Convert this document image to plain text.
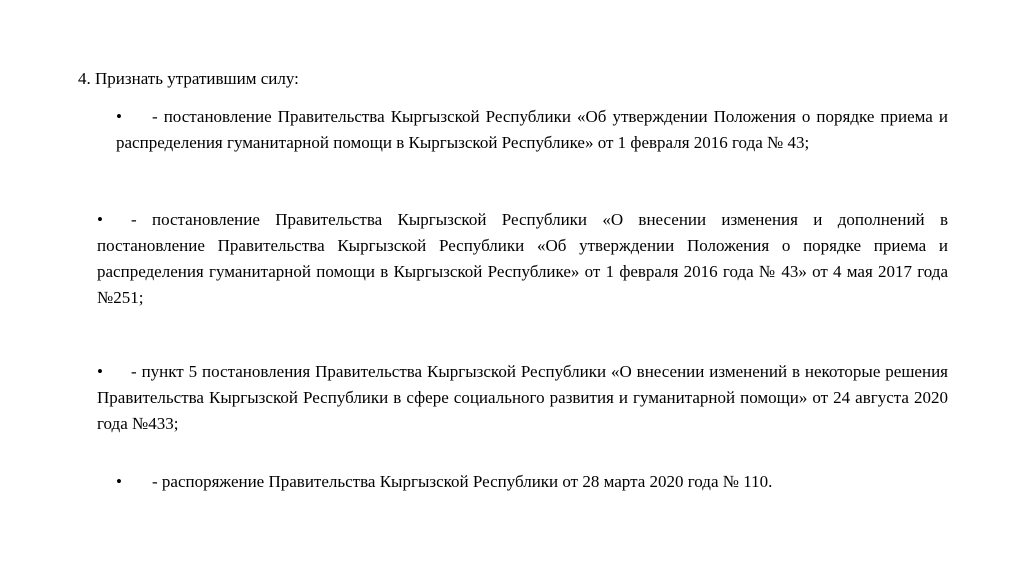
4. Признать утратившим силу:
• - постановление Правительства Кыргызской Республики «Об утверждении Положения о порядке приема и распределения гуманитарной помощи в Кыргызской Республике» от 1 февраля 2016 года № 43;
• - постановление Правительства Кыргызской Республики «О внесении изменения и дополнений в постановление Правительства Кыргызской Республики «Об утверждении Положения о порядке приема и распределения гуманитарной помощи в Кыргызской Республике» от 1 февраля 2016 года № 43» от 4 мая 2017 года №251;
• - пункт 5 постановления Правительства Кыргызской Республики «О внесении изменений в некоторые решения Правительства Кыргызской Республики в сфере социального развития и гуманитарной помощи» от 24 августа 2020 года №433;
• - распоряжение Правительства Кыргызской Республики от 28 марта 2020 года № 110.
